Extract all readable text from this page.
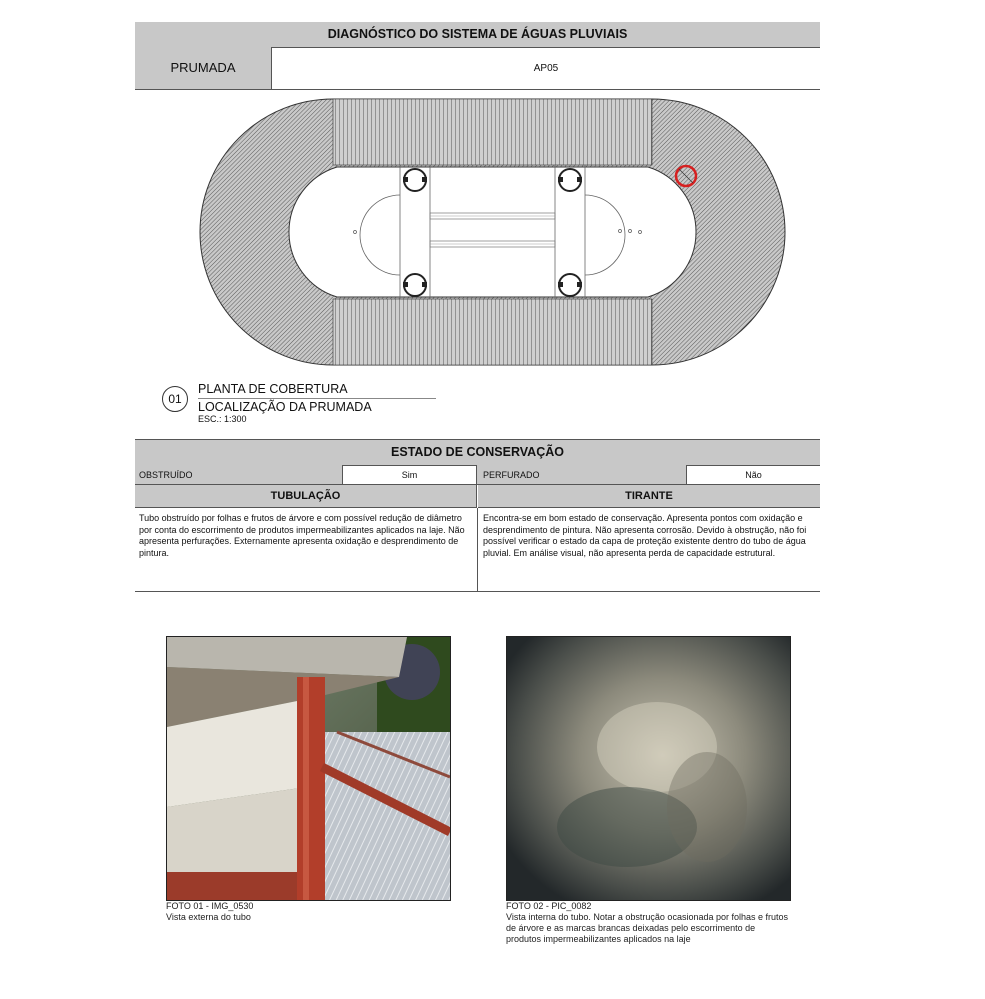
DIAGNÓSTICO DO SISTEMA DE ÁGUAS PLUVIAIS
PRUMADA	AP05
01
PLANTA DE COBERTURA
LOCALIZAÇÃO DA PRUMADA
ESC.: 1:300
ESTADO DE CONSERVAÇÃO
OBSTRUÍDO	Sim	PERFURADO	Não
TUBULAÇÃO	TIRANTE
Tubo obstruído por folhas e frutos de árvore e com possível redução de diâmetro por conta do escorrimento de produtos impermeabilizantes aplicados na laje. Não apresenta perfurações. Externamente apresenta oxidação e desprendimento de pintura.
Encontra-se em bom estado de conservação. Apresenta pontos com oxidação e desprendimento de pintura. Não apresenta corrosão. Devido à obstrução, não foi possível verificar o estado da capa de proteção existente dentro do tubo de água pluvial. Em análise visual, não apresenta perda de capacidade estrutural.
FOTO 01 - IMG_0530
Vista externa do tubo
FOTO 02 - PIC_0082
Vista interna do tubo. Notar a obstrução ocasionada por folhas e frutos de árvore e as marcas brancas deixadas pelo escorrimento de produtos impermeabilizantes aplicados na laje
